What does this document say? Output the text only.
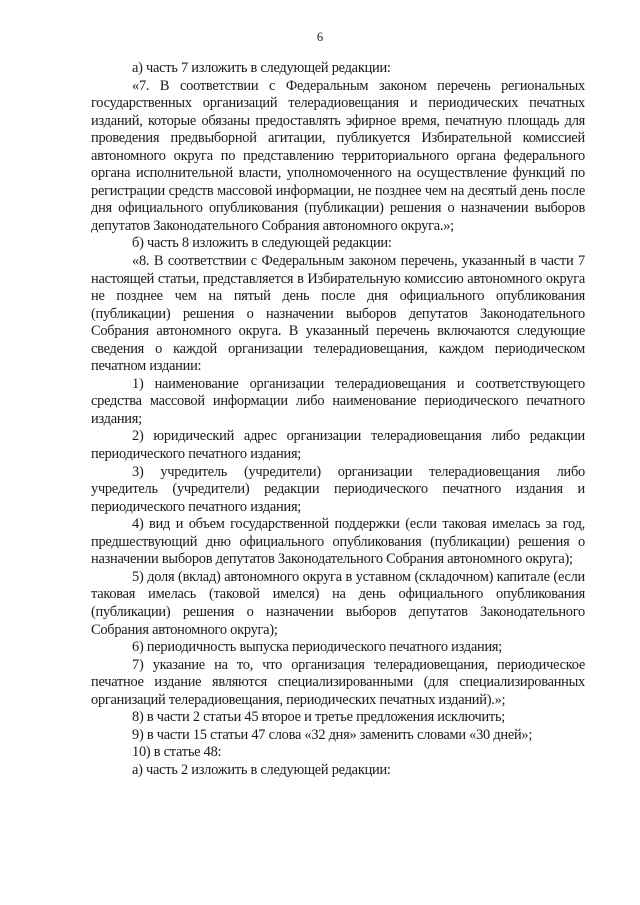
6

а) часть 7 изложить в следующей редакции:

«7. В соответствии с Федеральным законом перечень региональных государственных организаций телерадиовещания и периодических печатных изданий, которые обязаны предоставлять эфирное время, печатную площадь для проведения предвыборной агитации, публикуется Избирательной комиссией автономного округа по представлению территориального органа федерального органа исполнительной власти, уполномоченного на осуществление функций по регистрации средств массовой информации, не позднее чем на десятый день после дня официального опубликования (публикации) решения о назначении выборов депутатов Законодательного Собрания автономного округа.»;

б) часть 8 изложить в следующей редакции:

«8. В соответствии с Федеральным законом перечень, указанный в части 7 настоящей статьи, представляется в Избирательную комиссию автономного округа не позднее чем на пятый день после дня официального опубликования (публикации) решения о назначении выборов депутатов Законодательного Собрания автономного округа. В указанный перечень включаются следующие сведения о каждой организации телерадиовещания, каждом периодическом печатном издании:

1) наименование организации телерадиовещания и соответствующего средства массовой информации либо наименование периодического печатного издания;

2) юридический адрес организации телерадиовещания либо редакции периодического печатного издания;

3) учредитель (учредители) организации телерадиовещания либо учредитель (учредители) редакции периодического печатного издания и периодического печатного издания;

4) вид и объем государственной поддержки (если таковая имелась за год, предшествующий дню официального опубликования (публикации) решения о назначении выборов депутатов Законодательного Собрания автономного округа);

5) доля (вклад) автономного округа в уставном (складочном) капитале (если таковая имелась (таковой имелся) на день официального опубликования (публикации) решения о назначении выборов депутатов Законодательного Собрания автономного округа);

6) периодичность выпуска периодического печатного издания;

7) указание на то, что организация телерадиовещания, периодическое печатное издание являются специализированными (для специализированных организаций телерадиовещания, периодических печатных изданий).»;

8) в части 2 статьи 45 второе и третье предложения исключить;

9) в части 15 статьи 47 слова «32 дня» заменить словами «30 дней»;

10) в статье 48:

а) часть 2 изложить в следующей редакции:
